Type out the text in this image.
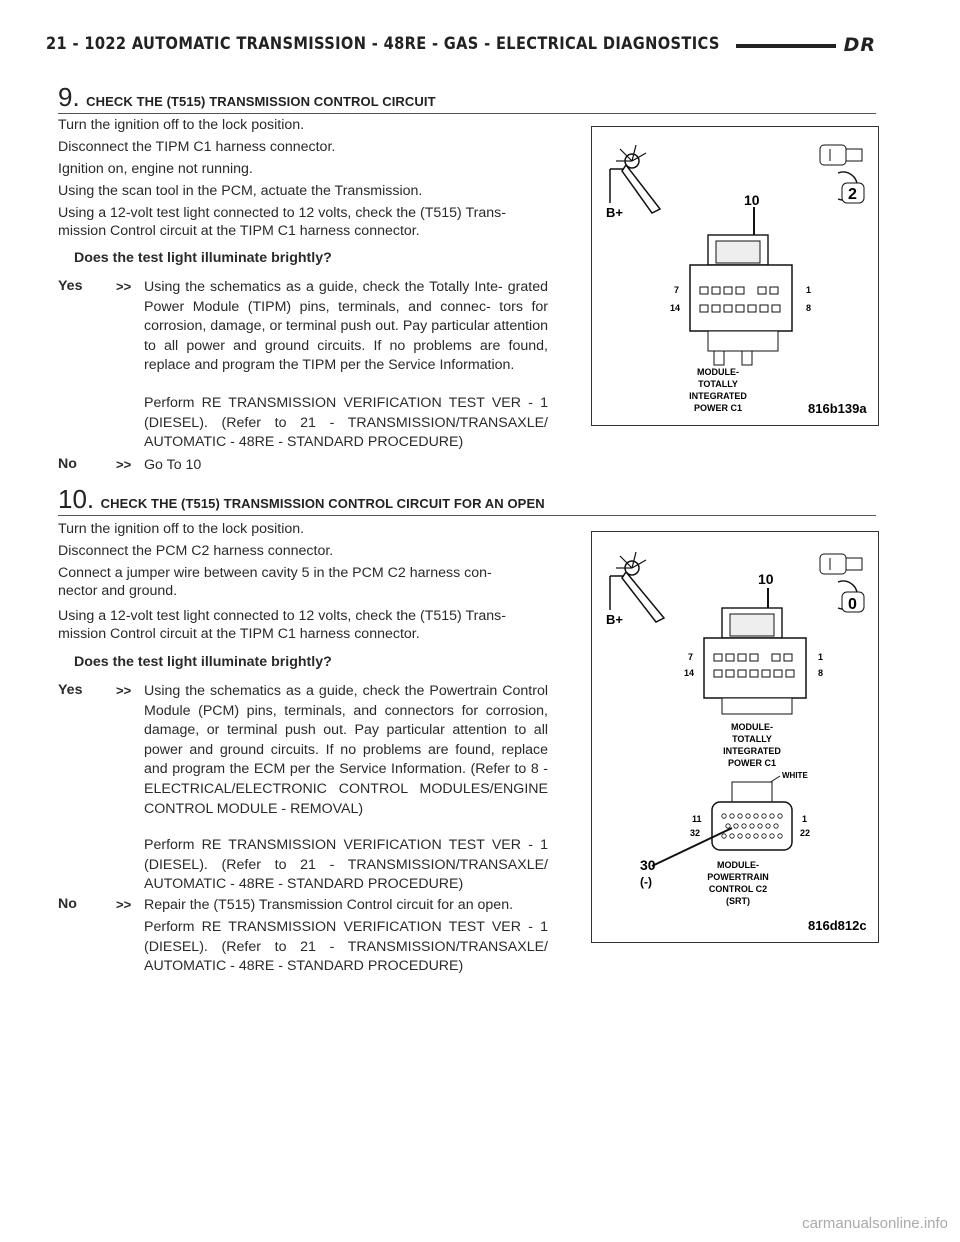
21 - 1022 AUTOMATIC TRANSMISSION - 48RE - GAS - ELECTRICAL DIAGNOSTICS	DR
9. CHECK THE (T515) TRANSMISSION CONTROL CIRCUIT
Turn the ignition off to the lock position.
Disconnect the TIPM C1 harness connector.
Ignition on, engine not running.
Using the scan tool in the PCM, actuate the Transmission.
Using a 12-volt test light connected to 12 volts, check the (T515) Trans-
mission Control circuit at the TIPM C1 harness connector.
Does the test light illuminate brightly?
Yes	>> Using the schematics as a guide, check the Totally Inte- grated Power Module (TIPM) pins, terminals, and connec- tors for corrosion, damage, or terminal push out. Pay particular attention to all power and ground circuits. If no problems are found, replace and program the TIPM per the Service Information.
Perform RE TRANSMISSION VERIFICATION TEST VER - 1 (DIESEL). (Refer to 21 - TRANSMISSION/TRANSAXLE/ AUTOMATIC - 48RE - STANDARD PROCEDURE)
No	>> Go To 10
B+
2
10
7
14
1
8
MODULE-
TOTALLY
INTEGRATED
POWER C1	816b139a
10. CHECK THE (T515) TRANSMISSION CONTROL CIRCUIT FOR AN OPEN
Turn the ignition off to the lock position.
Disconnect the PCM C2 harness connector.
Connect a jumper wire between cavity 5 in the PCM C2 harness con-
nector and ground.
Using a 12-volt test light connected to 12 volts, check the (T515) Trans-
mission Control circuit at the TIPM C1 harness connector.
Does the test light illuminate brightly?
Yes	>> Using the schematics as a guide, check the Powertrain Control Module (PCM) pins, terminals, and connectors for corrosion, damage, or terminal push out. Pay particular attention to all power and ground circuits. If no problems are found, replace and program the ECM per the Service Information. (Refer to 8 - ELECTRICAL/ELECTRONIC CONTROL MODULES/ENGINE CONTROL MODULE - REMOVAL)
Perform RE TRANSMISSION VERIFICATION TEST VER - 1 (DIESEL). (Refer to 21 - TRANSMISSION/TRANSAXLE/ AUTOMATIC - 48RE - STANDARD PROCEDURE)
No	>> Repair the (T515) Transmission Control circuit for an open.
Perform RE TRANSMISSION VERIFICATION TEST VER - 1 (DIESEL). (Refer to 21 - TRANSMISSION/TRANSAXLE/ AUTOMATIC - 48RE - STANDARD PROCEDURE)
B+
0
10
7
14
1
8
MODULE-
TOTALLY
INTEGRATED
POWER C1
WHITE
11
32
1
22
30
(-)
MODULE-
POWERTRAIN
CONTROL C2
(SRT)
816d812c
carmanualsonline.info
